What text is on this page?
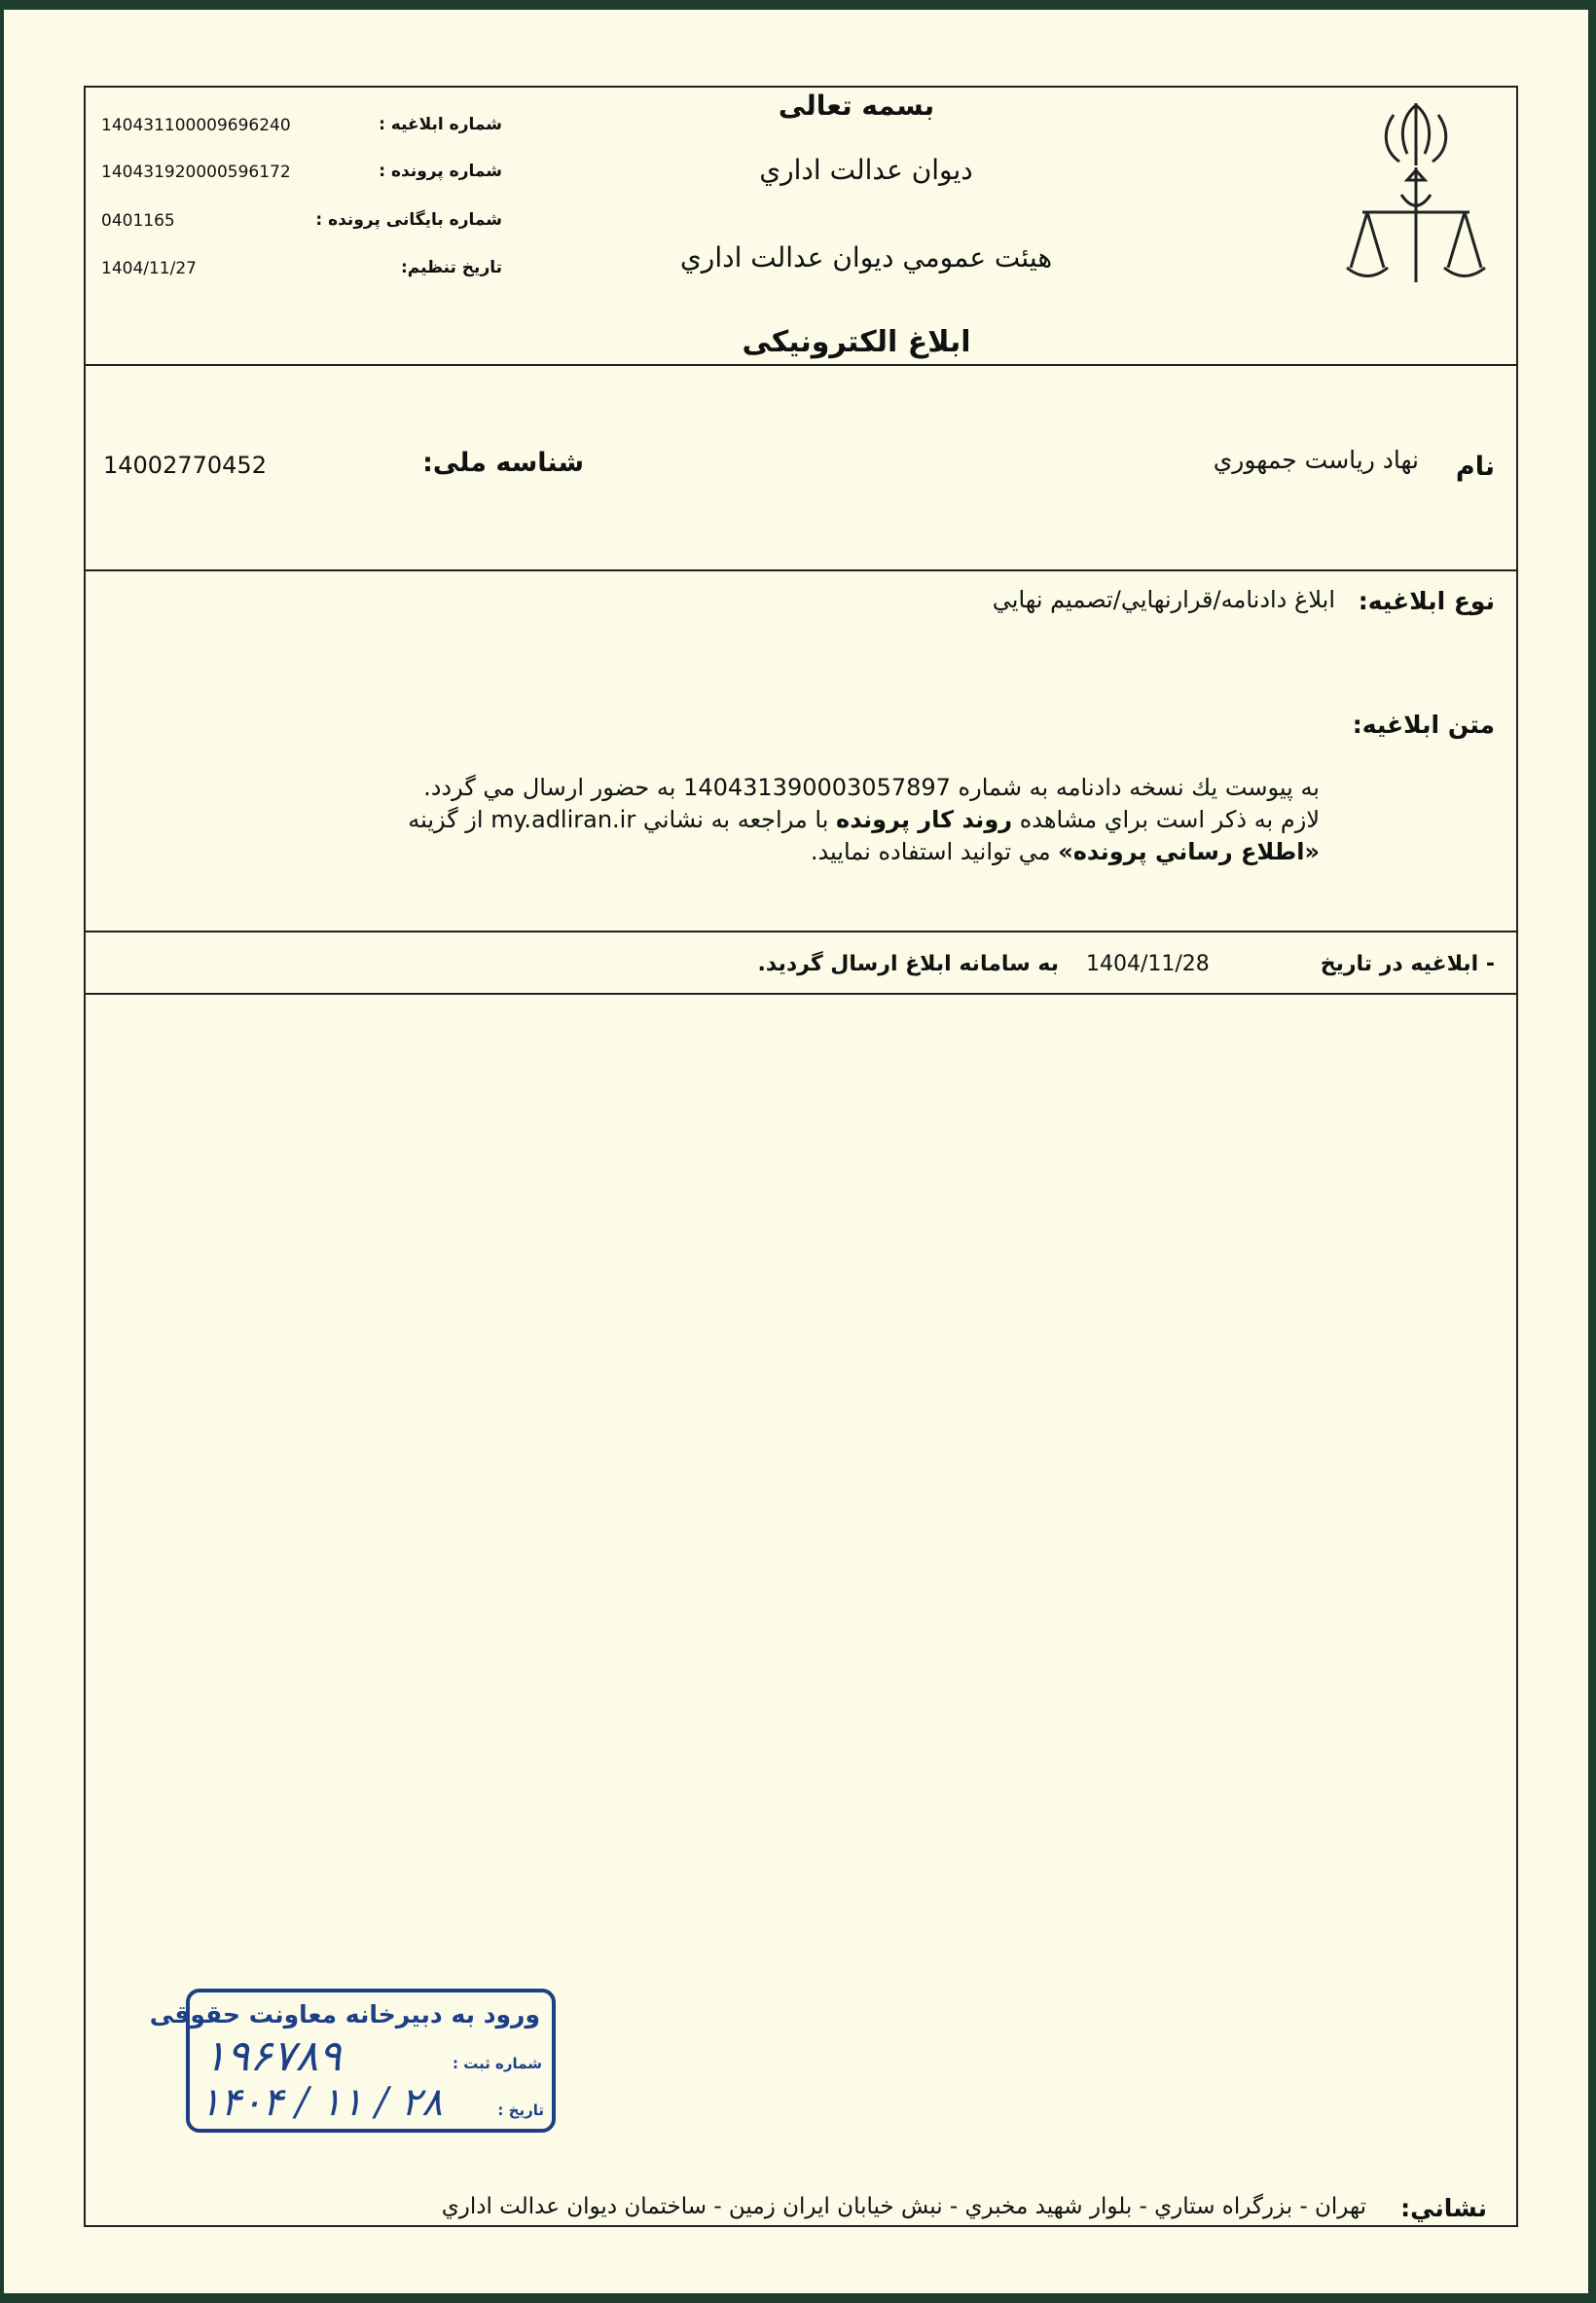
بسمه تعالی
ديوان عدالت اداري
هيئت عمومي ديوان عدالت اداري
ابلاغ الکترونیکی
شماره ابلاغیه :
140431100009696240
شماره پرونده :
140431920000596172
شماره بایگانی پرونده :
0401165
تاریخ تنظیم:
1404/11/27
نام
نهاد رياست جمهوري
شناسه ملی:
14002770452
نوع ابلاغیه:
ابلاغ دادنامه/قرارنهايي/تصميم نهايي
متن ابلاغیه:
به پيوست يك نسخه دادنامه به شماره 140431390003057897 به حضور ارسال مي گردد.
لازم به ذكر است براي مشاهده روند كار پرونده با مراجعه به نشاني my.adliran.ir از گزينه «اطلاع رساني پرونده» مي توانيد استفاده نماييد.
- ابلاغيه در تاريخ
1404/11/28
به سامانه ابلاغ ارسال گرديد.
ورود به دبیرخانه معاونت حقوقی
شماره ثبت :
۱۹۶۷۸۹
تاریخ :
۱۴۰۴ / ۱۱ / ۲۸
نشاني:
تهران - بزرگراه ستاري - بلوار شهيد مخبري - نبش خيابان ايران زمين - ساختمان ديوان عدالت اداري
